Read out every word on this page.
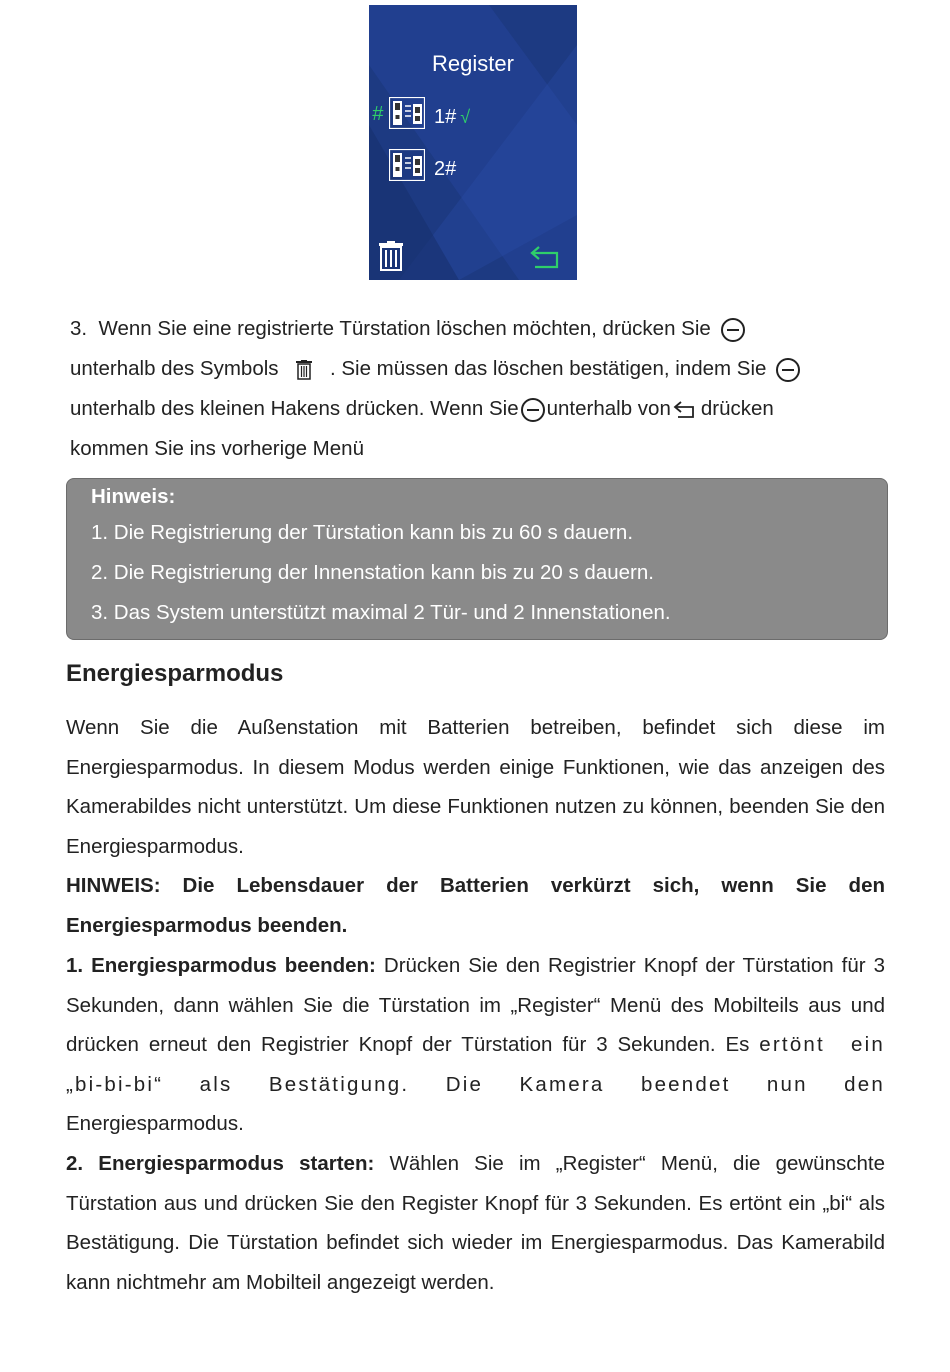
Register
#	1# √
2#
3. Wenn Sie eine registrierte Türstation löschen möchten, drücken Sie
unterhalb des Symbols	. Sie müssen das löschen bestätigen, indem Sie
unterhalb des kleinen Hakens drücken. Wenn Sie unterhalb von drücken
kommen Sie ins vorherige Menü
Hinweis:
1. Die Registrierung der Türstation kann bis zu 60 s dauern.
2. Die Registrierung der Innenstation kann bis zu 20 s dauern.
3. Das System unterstützt maximal 2 Tür- und 2 Innenstationen.
Energiesparmodus
Wenn Sie die Außenstation mit Batterien betreiben, befindet sich diese im Energiesparmodus. In diesem Modus werden einige Funktionen, wie das anzeigen des Kamerabildes nicht unterstützt. Um diese Funktionen nutzen zu können, beenden Sie den Energiesparmodus.
HINWEIS: Die Lebensdauer der Batterien verkürzt sich, wenn Sie den Energiesparmodus beenden.
1. Energiesparmodus beenden: Drücken Sie den Registrier Knopf der Türstation für 3 Sekunden, dann wählen Sie die Türstation im „Register“ Menü des Mobilteils aus und drücken erneut den Registrier Knopf der Türstation für 3 Sekunden. Es ertönt ein „bi-bi-bi“ als Bestätigung. Die Kamera beendet nun den Energiesparmodus.
2. Energiesparmodus starten: Wählen Sie im „Register“ Menü, die gewünschte Türstation aus und drücken Sie den Register Knopf für 3 Sekunden. Es ertönt ein „bi“ als Bestätigung. Die Türstation befindet sich wieder im Energiesparmodus. Das Kamerabild kann nichtmehr am Mobilteil angezeigt werden.
